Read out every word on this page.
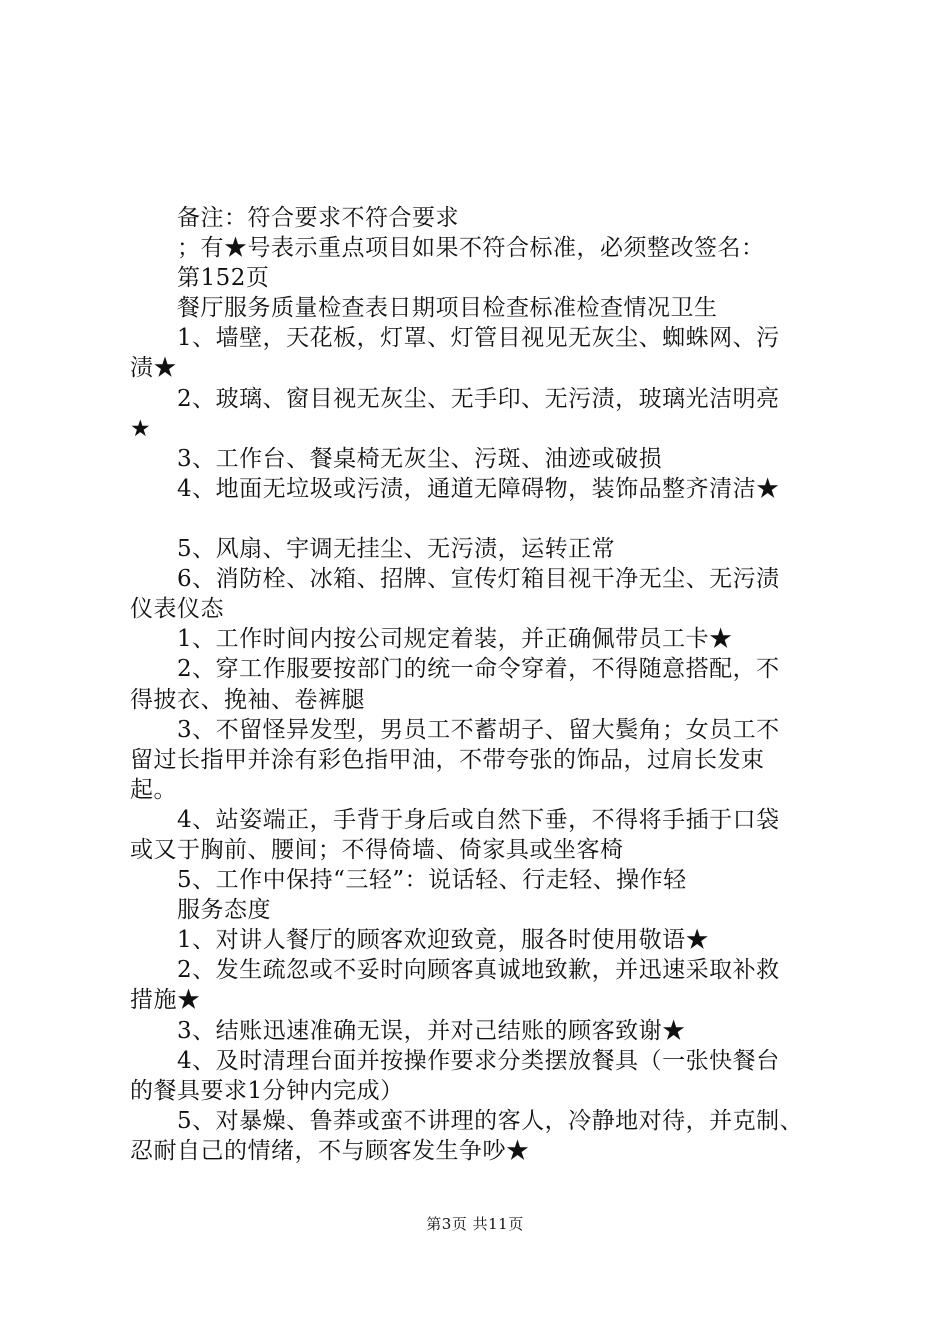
备注：符合要求不符合要求
；有★号表示重点项目如果不符合标准，必须整改签名：
第152页
餐厅服务质量检查表日期项目检查标准检查情况卫生
1、墙壁，天花板，灯罩、灯管目视见无灰尘、蜘蛛网、污
渍★
2、玻璃、窗目视无灰尘、无手印、无污渍，玻璃光洁明亮
★
3、工作台、餐桌椅无灰尘、污斑、油迹或破损
4、地面无垃圾或污渍，通道无障碍物，装饰品整齐清洁★
5、风扇、宇调无挂尘、无污渍，运转正常
6、消防栓、冰箱、招牌、宣传灯箱目视干净无尘、无污渍
仪表仪态
1、工作时间内按公司规定着装，并正确佩带员工卡★
2、穿工作服要按部门的统一命令穿着，不得随意搭配，不
得披衣、挽袖、卷裤腿
3、不留怪异发型，男员工不蓄胡子、留大鬓角；女员工不
留过长指甲并涂有彩色指甲油，不带夸张的饰品，过肩长发束
起。
4、站姿端正，手背于身后或自然下垂，不得将手插于口袋
或又于胸前、腰间；不得倚墙、倚家具或坐客椅
5、工作中保持“三轻”：说话轻、行走轻、操作轻
服务态度
1、对讲人餐厅的顾客欢迎致竟，服各时使用敬语★
2、发生疏忽或不妥时向顾客真诚地致歉，并迅速采取补救
措施★
3、结账迅速准确无误，并对己结账的顾客致谢★
4、及时清理台面并按操作要求分类摆放餐具（一张快餐台
的餐具要求1分钟内完成）
5、对暴燥、鲁莽或蛮不讲理的客人，冷静地对待，并克制、
忍耐自己的情绪，不与顾客发生争吵★
第3页 共11页
